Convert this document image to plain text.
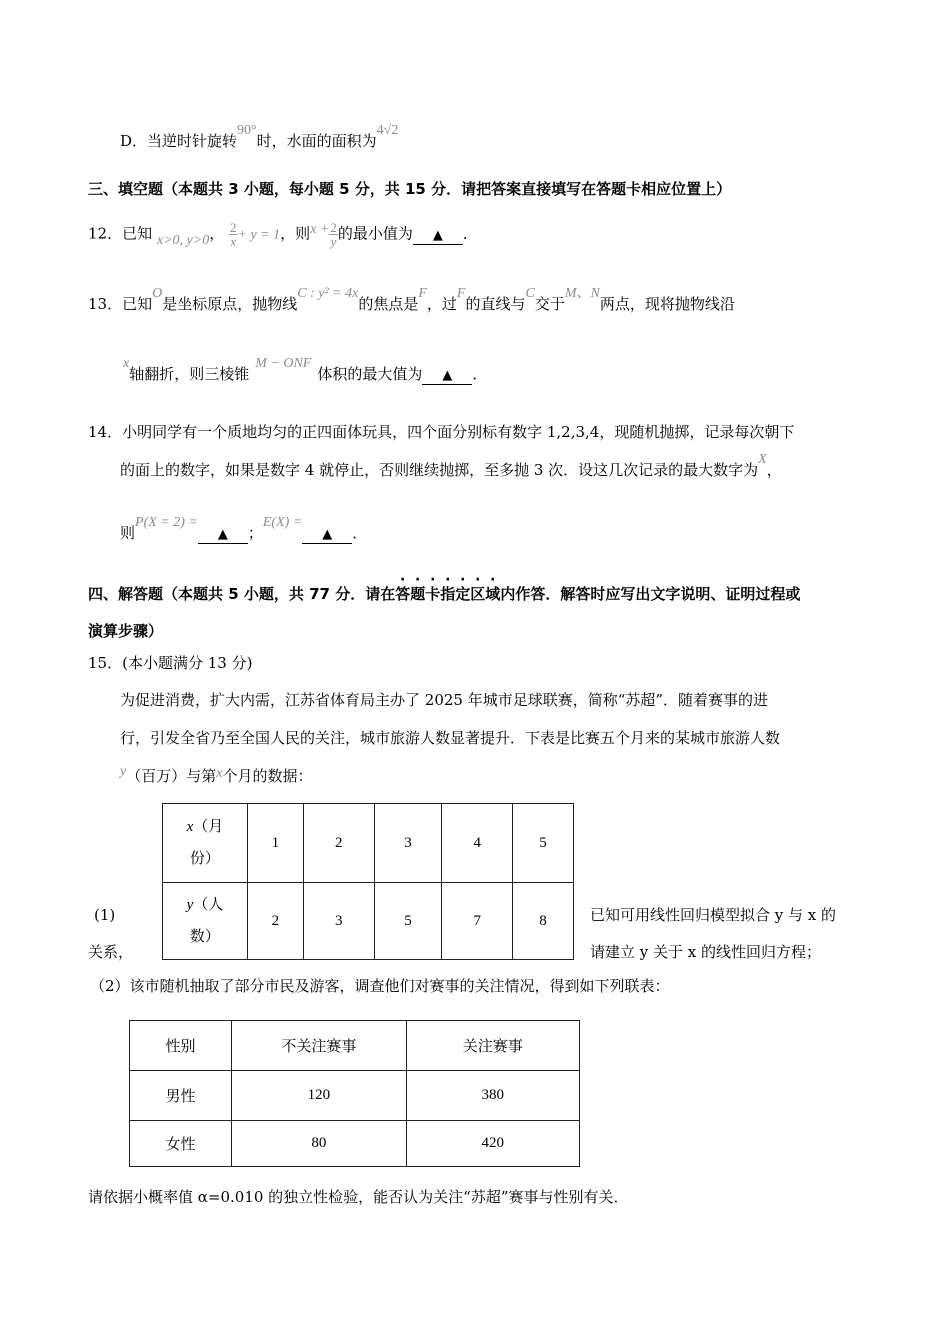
D．当逆时针旋转90°时，水面的面积为4√2
三、填空题（本题共 3 小题，每小题 5 分，共 15 分．请把答案直接填写在答题卡相应位置上）
12．已知 x>0, y>0， $\frac{2}{x} + y = 1$，则$x + \frac{2}{y}$ 的最小值为 ▲ ．
13．已知O是坐标原点，抛物线C : y² = 4x的焦点是F，过F的直线与C交于M、N两点，现将抛物线沿
x轴翻折，则三棱锥M − ONF体积的最大值为 ▲ ．
14．小明同学有一个质地均匀的正四面体玩具，四个面分别标有数字 1,2,3,4，现随机抛掷，记录每次朝下
的面上的数字，如果是数字 4 就停止，否则继续抛掷，至多抛 3 次．设这几次记录的最大数字为X，
则P(X = 2) =▲ ；E(X) =▲ ．
四、解答题（本题共 5 小题，共 77 分．请在答题卡指定区域内作答．解答时应写出文字说明、证明过程或
演算步骤）
15．(本小题满分 13 分)
为促进消费，扩大内需，江苏省体育局主办了 2025 年城市足球联赛，简称“苏超”．随着赛事的进
行，引发全省乃至全国人民的关注，城市旅游人数显著提升．下表是比赛五个月来的某城市旅游人数
y（百万）与第x个月的数据：
x（月
份）	1	2	3	4	5
y（人
数）	2	3	5	7	8
(1)
关系，
已知可用线性回归模型拟合 y 与 x 的
请建立 y 关于 x 的线性回归方程；
（2）该市随机抽取了部分市民及游客，调查他们对赛事的关注情况，得到如下列联表：
性别	不关注赛事	关注赛事
男性	120	380
女性	80	420
请依据小概率值 α=0.010 的独立性检验，能否认为关注“苏超”赛事与性别有关．
